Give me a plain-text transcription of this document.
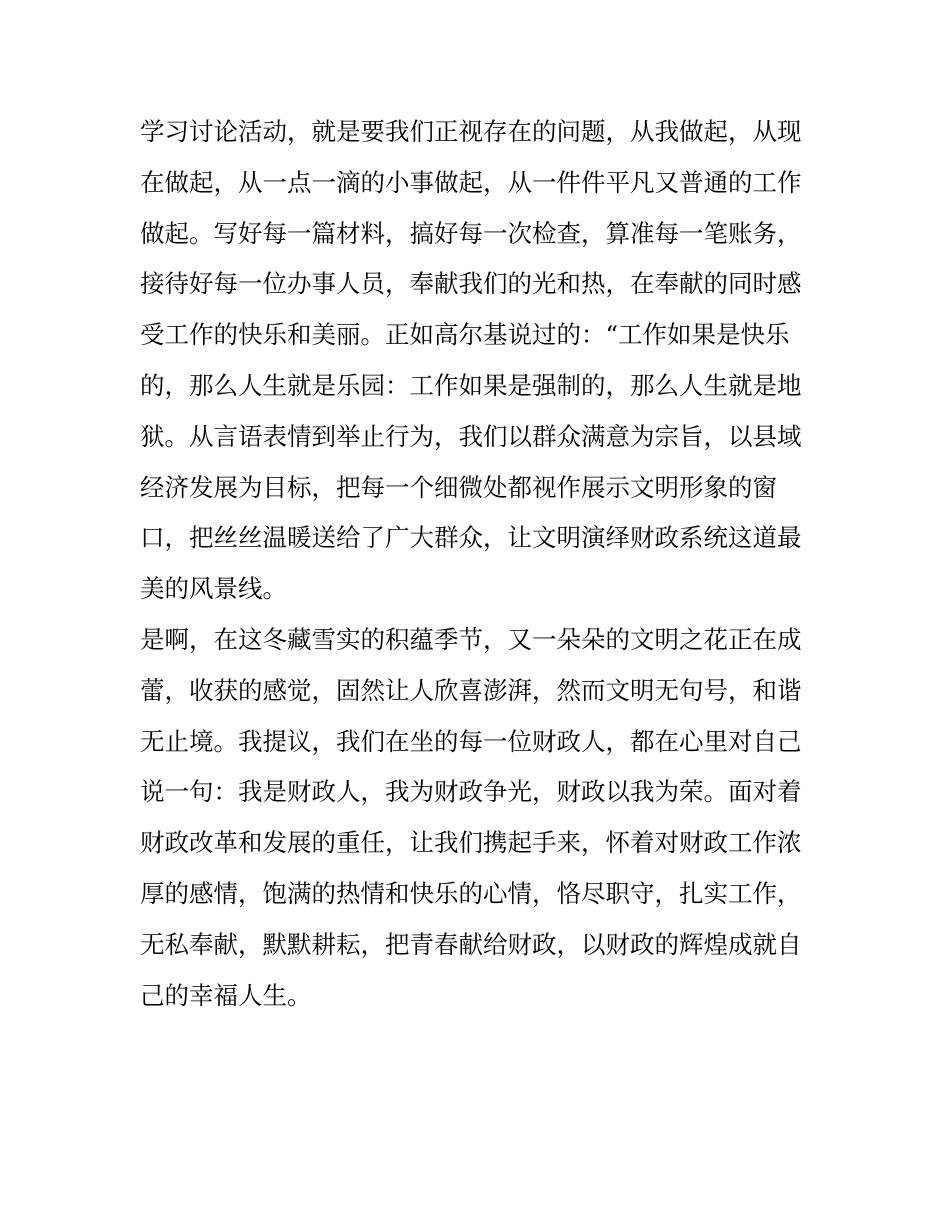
学习讨论活动，就是要我们正视存在的问题，从我做起，从现
在做起，从一点一滴的小事做起，从一件件平凡又普通的工作
做起。写好每一篇材料，搞好每一次检查，算准每一笔账务，
接待好每一位办事人员，奉献我们的光和热，在奉献的同时感
受工作的快乐和美丽。正如高尔基说过的：“工作如果是快乐
的，那么人生就是乐园：工作如果是强制的，那么人生就是地
狱。从言语表情到举止行为，我们以群众满意为宗旨，以县域
经济发展为目标，把每一个细微处都视作展示文明形象的窗
口，把丝丝温暖送给了广大群众，让文明演绎财政系统这道最
美的风景线。
是啊，在这冬藏雪实的积蕴季节，又一朵朵的文明之花正在成
蕾，收获的感觉，固然让人欣喜澎湃，然而文明无句号，和谐
无止境。我提议，我们在坐的每一位财政人，都在心里对自己
说一句：我是财政人，我为财政争光，财政以我为荣。面对着
财政改革和发展的重任，让我们携起手来，怀着对财政工作浓
厚的感情，饱满的热情和快乐的心情，恪尽职守，扎实工作，
无私奉献，默默耕耘，把青春献给财政，以财政的辉煌成就自
己的幸福人生。
